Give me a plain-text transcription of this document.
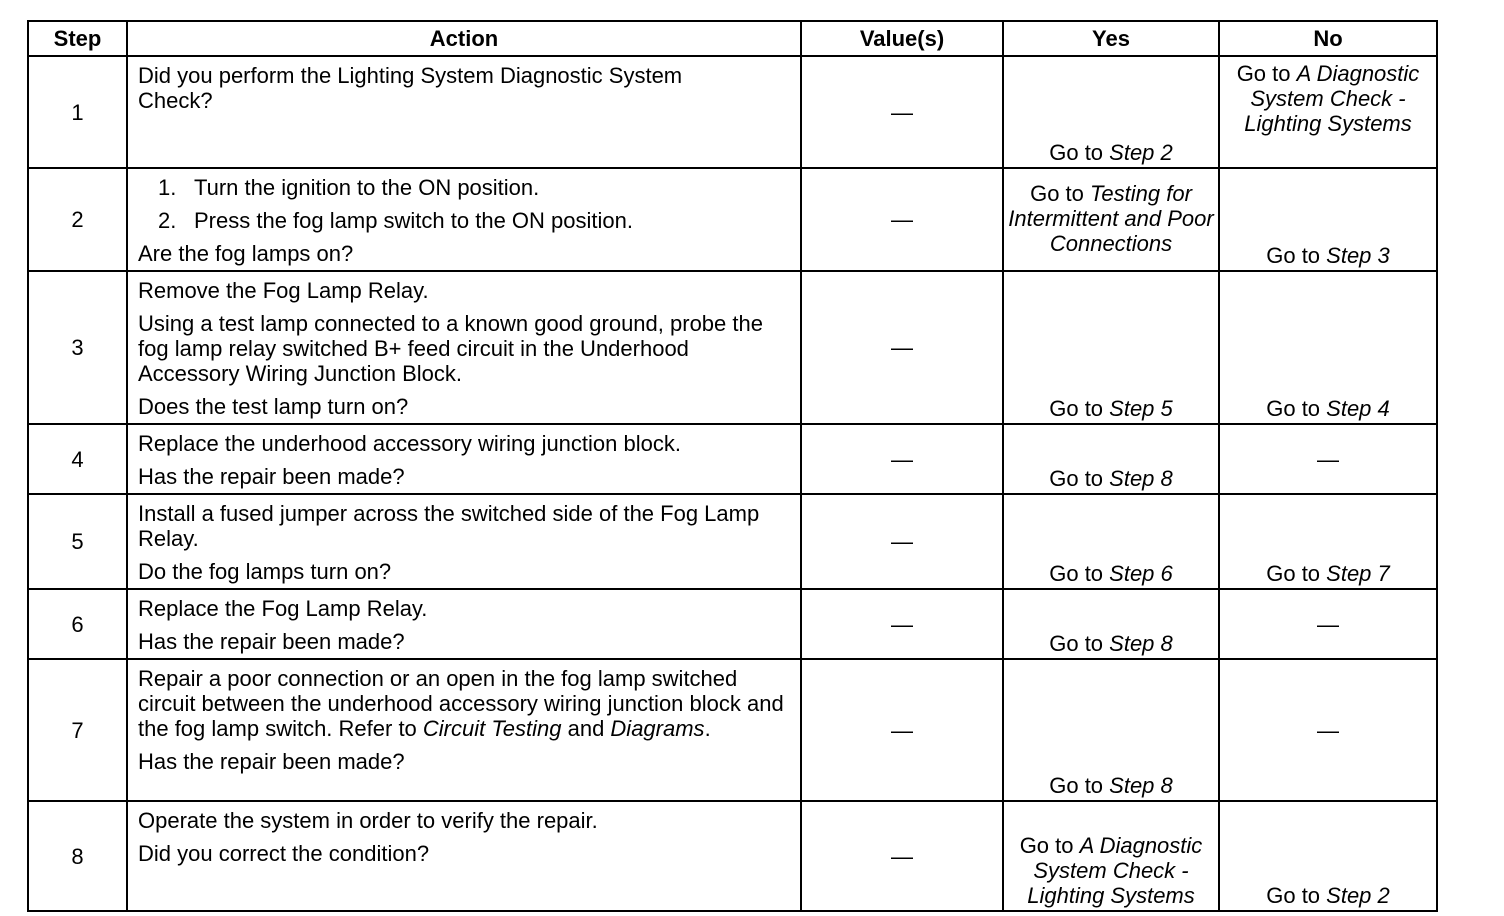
Step	Action	Value(s)	Yes	No
1	Did you perform the Lighting System Diagnostic System Check?	—	Go to Step 2	Go to A Diagnostic System Check - Lighting Systems

2	1. Turn the ignition to the ON position.
2. Press the fog lamp switch to the ON position.
Are the fog lamps on?	—	Go to Testing for Intermittent and Poor Connections	Go to Step 3
3	Remove the Fog Lamp Relay.
Using a test lamp connected to a known good ground, probe the fog lamp relay switched B+ feed circuit in the Underhood Accessory Wiring Junction Block.
Does the test lamp turn on?	—	Go to Step 5	Go to Step 4
4	Replace the underhood accessory wiring junction block.
Has the repair been made?	—	Go to Step 8	—
5	Install a fused jumper across the switched side of the Fog Lamp Relay.
Do the fog lamps turn on?	—	Go to Step 6	Go to Step 7
6	Replace the Fog Lamp Relay.
Has the repair been made?	—	Go to Step 8	—
7	Repair a poor connection or an open in the fog lamp switched circuit between the underhood accessory wiring junction block and the fog lamp switch. Refer to Circuit Testing and Diagrams.
Has the repair been made?	—	Go to Step 8	—
8	Operate the system in order to verify the repair.
Did you correct the condition?	—	Go to A Diagnostic System Check - Lighting Systems	Go to Step 2
